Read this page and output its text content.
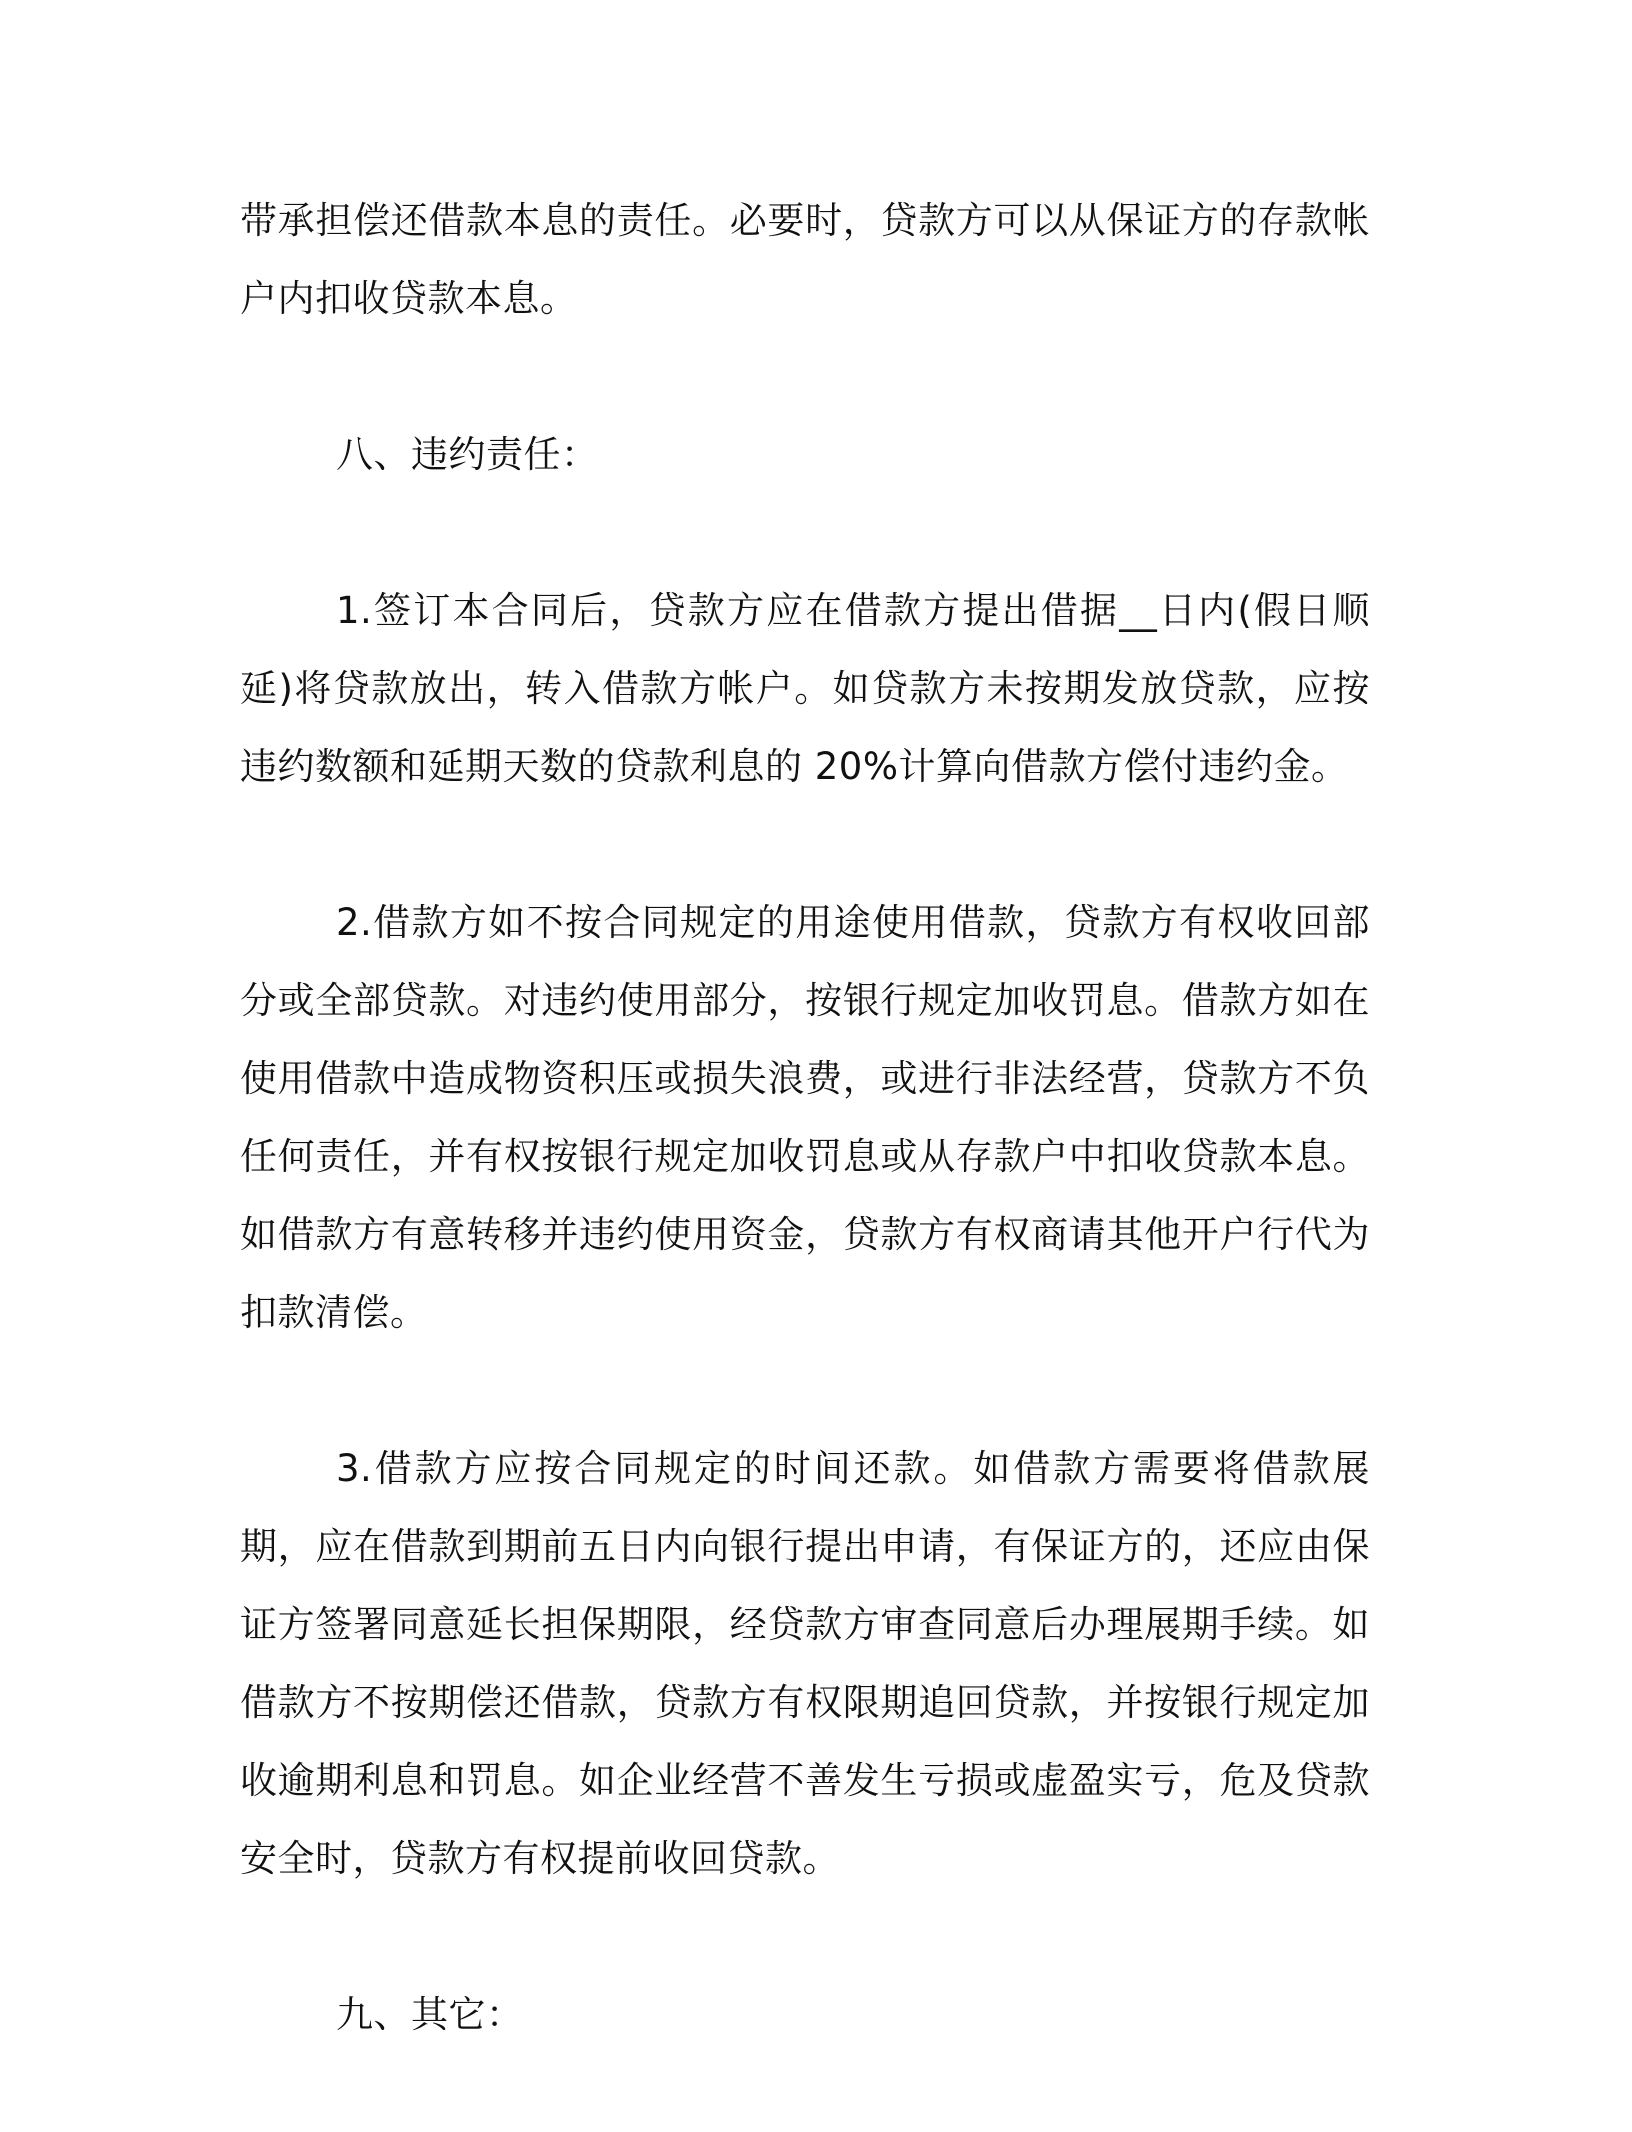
带承担偿还借款本息的责任。必要时，贷款方可以从保证方的存款帐户内扣收贷款本息。

八、违约责任：

1.签订本合同后，贷款方应在借款方提出借据__日内(假日顺延)将贷款放出，转入借款方帐户。如贷款方未按期发放贷款，应按违约数额和延期天数的贷款利息的 20%计算向借款方偿付违约金。

2.借款方如不按合同规定的用途使用借款，贷款方有权收回部分或全部贷款。对违约使用部分，按银行规定加收罚息。借款方如在使用借款中造成物资积压或损失浪费，或进行非法经营，贷款方不负任何责任，并有权按银行规定加收罚息或从存款户中扣收贷款本息。如借款方有意转移并违约使用资金，贷款方有权商请其他开户行代为扣款清偿。

3.借款方应按合同规定的时间还款。如借款方需要将借款展期，应在借款到期前五日内向银行提出申请，有保证方的，还应由保证方签署同意延长担保期限，经贷款方审查同意后办理展期手续。如借款方不按期偿还借款，贷款方有权限期追回贷款，并按银行规定加收逾期利息和罚息。如企业经营不善发生亏损或虚盈实亏，危及贷款安全时，贷款方有权提前收回贷款。

九、其它：
